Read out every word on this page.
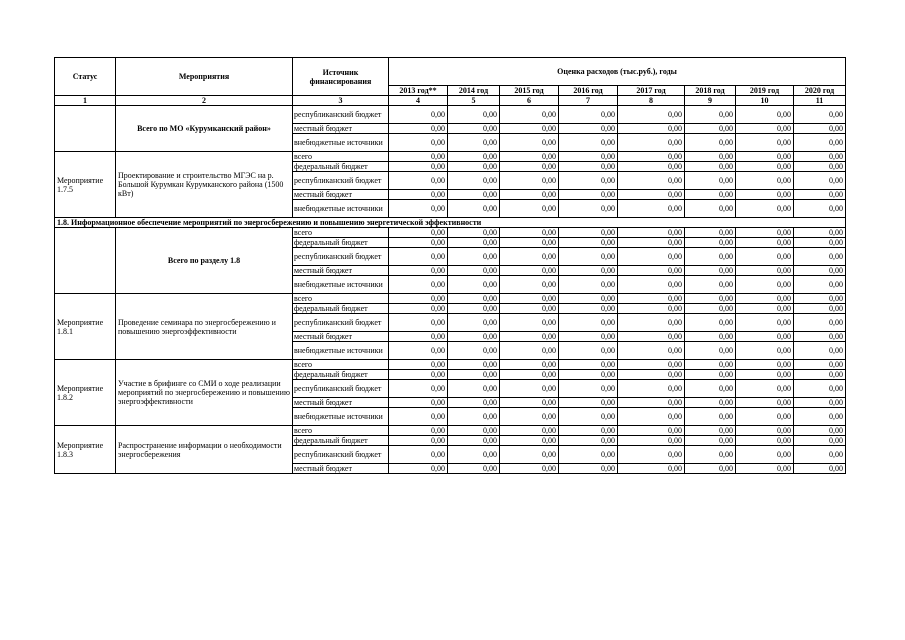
Статус	Мероприятия	Источник финансирования	Оценка расходов (тыс.руб.), годы							
			2013 год**	2014 год	2015 год	2016 год	2017 год	2018 год	2019 год	2020 год
1	2	3	4	5	6	7	8	9	10	11
	Всего по МО «Курумканский район»	республиканский бюджет	0,00	0,00	0,00	0,00	0,00	0,00	0,00	0,00
		местный бюджет	0,00	0,00	0,00	0,00	0,00	0,00	0,00	0,00
		внебюджетные источники	0,00	0,00	0,00	0,00	0,00	0,00	0,00	0,00
Мероприятие 1.7.5	Проектирование и строительство МГЭС на р. Большой Курумкан Курумканского района (1500 кВт)	всего	0,00	0,00	0,00	0,00	0,00	0,00	0,00	0,00
		федеральный бюджет	0,00	0,00	0,00	0,00	0,00	0,00	0,00	0,00
		республиканский бюджет	0,00	0,00	0,00	0,00	0,00	0,00	0,00	0,00
		местный бюджет	0,00	0,00	0,00	0,00	0,00	0,00	0,00	0,00
		внебюджетные источники	0,00	0,00	0,00	0,00	0,00	0,00	0,00	0,00
1.8. Информационное обеспечение мероприятий по энергосбережению и повышению энергетической эффективности										
	Всего по разделу 1.8	всего	0,00	0,00	0,00	0,00	0,00	0,00	0,00	0,00
		федеральный бюджет	0,00	0,00	0,00	0,00	0,00	0,00	0,00	0,00
		республиканский бюджет	0,00	0,00	0,00	0,00	0,00	0,00	0,00	0,00
		местный бюджет	0,00	0,00	0,00	0,00	0,00	0,00	0,00	0,00
		внебюджетные источники	0,00	0,00	0,00	0,00	0,00	0,00	0,00	0,00
Мероприятие 1.8.1	Проведение семинара по энергосбережению и повышению энергоэффективности	всего	0,00	0,00	0,00	0,00	0,00	0,00	0,00	0,00
		федеральный бюджет	0,00	0,00	0,00	0,00	0,00	0,00	0,00	0,00
		республиканский бюджет	0,00	0,00	0,00	0,00	0,00	0,00	0,00	0,00
		местный бюджет	0,00	0,00	0,00	0,00	0,00	0,00	0,00	0,00
		внебюджетные источники	0,00	0,00	0,00	0,00	0,00	0,00	0,00	0,00
Мероприятие 1.8.2	Участие в брифинге со СМИ о ходе реализации мероприятий по энергосбережению и повышению энергоэффективности	всего	0,00	0,00	0,00	0,00	0,00	0,00	0,00	0,00
		федеральный бюджет	0,00	0,00	0,00	0,00	0,00	0,00	0,00	0,00
		республиканский бюджет	0,00	0,00	0,00	0,00	0,00	0,00	0,00	0,00
		местный бюджет	0,00	0,00	0,00	0,00	0,00	0,00	0,00	0,00
		внебюджетные источники	0,00	0,00	0,00	0,00	0,00	0,00	0,00	0,00
Мероприятие 1.8.3	Распространение информации о необходимости энергосбережения	всего	0,00	0,00	0,00	0,00	0,00	0,00	0,00	0,00
		федеральный бюджет	0,00	0,00	0,00	0,00	0,00	0,00	0,00	0,00
		республиканский бюджет	0,00	0,00	0,00	0,00	0,00	0,00	0,00	0,00
		местный бюджет	0,00	0,00	0,00	0,00	0,00	0,00	0,00	0,00
